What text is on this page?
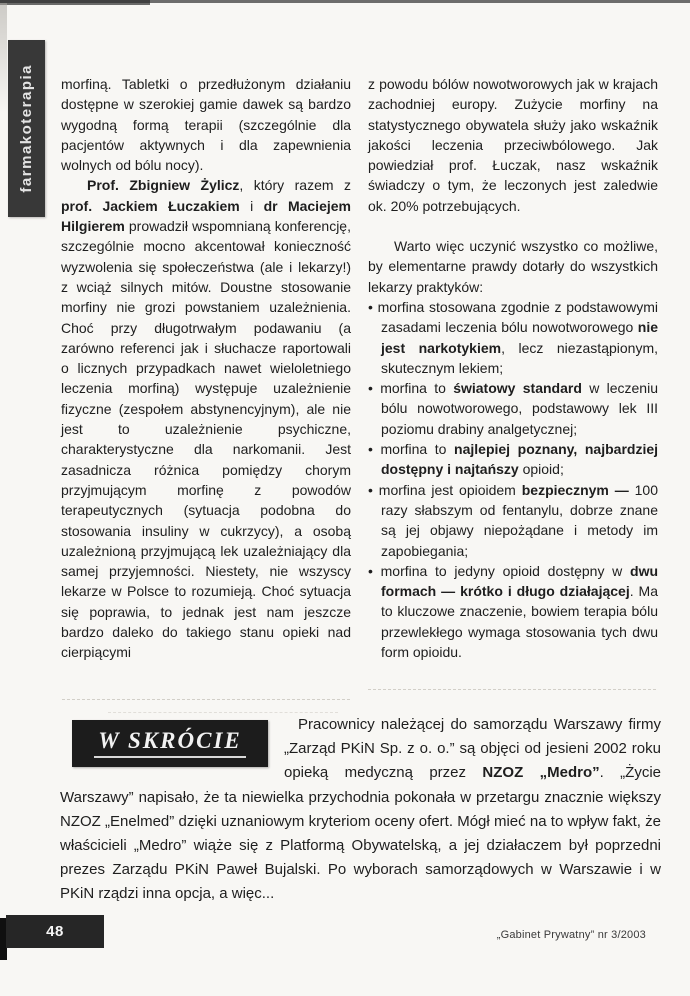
farmakoterapia morfiną. Tabletki o przedłużonym działaniu dostępne w szerokiej gamie dawek są bardzo wygodną formą terapii (szczególnie dla pacjentów aktywnych i dla zapewnienia wolnych od bólu nocy).

Prof. Zbigniew Żylicz, który razem z prof. Jackiem Łuczakiem i dr Maciejem Hilgierem prowadził wspomnianą konferencję, szczególnie mocno akcentował konieczność wyzwolenia się społeczeństwa (ale i lekarzy!) z wciąż silnych mitów. Doustne stosowanie morfiny nie grozi powstaniem uzależnienia. Choć przy długotrwałym podawaniu (a zarówno referenci jak i słuchacze raportowali o licznych przypadkach nawet wieloletniego leczenia morfiną) występuje uzależnienie fizyczne (zespołem abstynencyjnym), ale nie jest to uzależnienie psychiczne, charakterystyczne dla narkomanii. Jest zasadnicza różnica pomiędzy chorym przyjmującym morfinę z powodów terapeutycznych (sytuacja podobna do stosowania insuliny w cukrzycy), a osobą uzależnioną przyjmującą lek uzależniający dla samej przyjemności. Niestety, nie wszyscy lekarze w Polsce to rozumieją. Choć sytuacja się poprawia, to jednak jest nam jeszcze bardzo daleko do takiego stanu opieki nad cierpiącymi

z powodu bólów nowotworowych jak w krajach zachodniej europy. Zużycie morfiny na statystycznego obywatela służy jako wskaźnik jakości leczenia przeciwbólowego. Jak powiedział prof. Łuczak, nasz wskaźnik świadczy o tym, że leczonych jest zaledwie ok. 20% potrzebujących.

Warto więc uczynić wszystko co możliwe, by elementarne prawdy dotarły do wszystkich lekarzy praktyków:

• morfina stosowana zgodnie z podstawowymi zasadami leczenia bólu nowotworowego nie jest narkotykiem, lecz niezastąpionym, skutecznym lekiem;

• morfina to światowy standard w leczeniu bólu nowotworowego, podstawowy lek III poziomu drabiny analgetycznej;

• morfina to najlepiej poznany, najbardziej dostępny i najtańszy opioid;

• morfina jest opioidem bezpiecznym — 100 razy słabszym od fentanylu, dobrze znane są jej objawy niepożądane i metody im zapobiegania;

• morfina to jedyny opioid dostępny w dwu formach — krótko i długo działającej. Ma to kluczowe znaczenie, bowiem terapia bólu przewlekłego wymaga stosowania tych dwu form opioidu.

W SKRÓCIE

Pracownicy należącej do samorządu Warszawy firmy „Zarząd PKiN Sp. z o. o.” są objęci od jesieni 2002 roku opieką medyczną przez NZOZ „Medro”. „Życie Warszawy” napisało, że ta niewielka przychodnia pokonała w przetargu znacznie większy NZOZ „Enelmed” dzięki uznaniowym kryteriom oceny ofert. Mógł mieć na to wpływ fakt, że właścicieli „Medro” wiąże się z Platformą Obywatelską, a jej działaczem był poprzedni prezes Zarządu PKiN Paweł Bujalski. Po wyborach samorządowych w Warszawie i w PKiN rządzi inna opcja, a więc...

48	„Gabinet Prywatny” nr 3/2003
